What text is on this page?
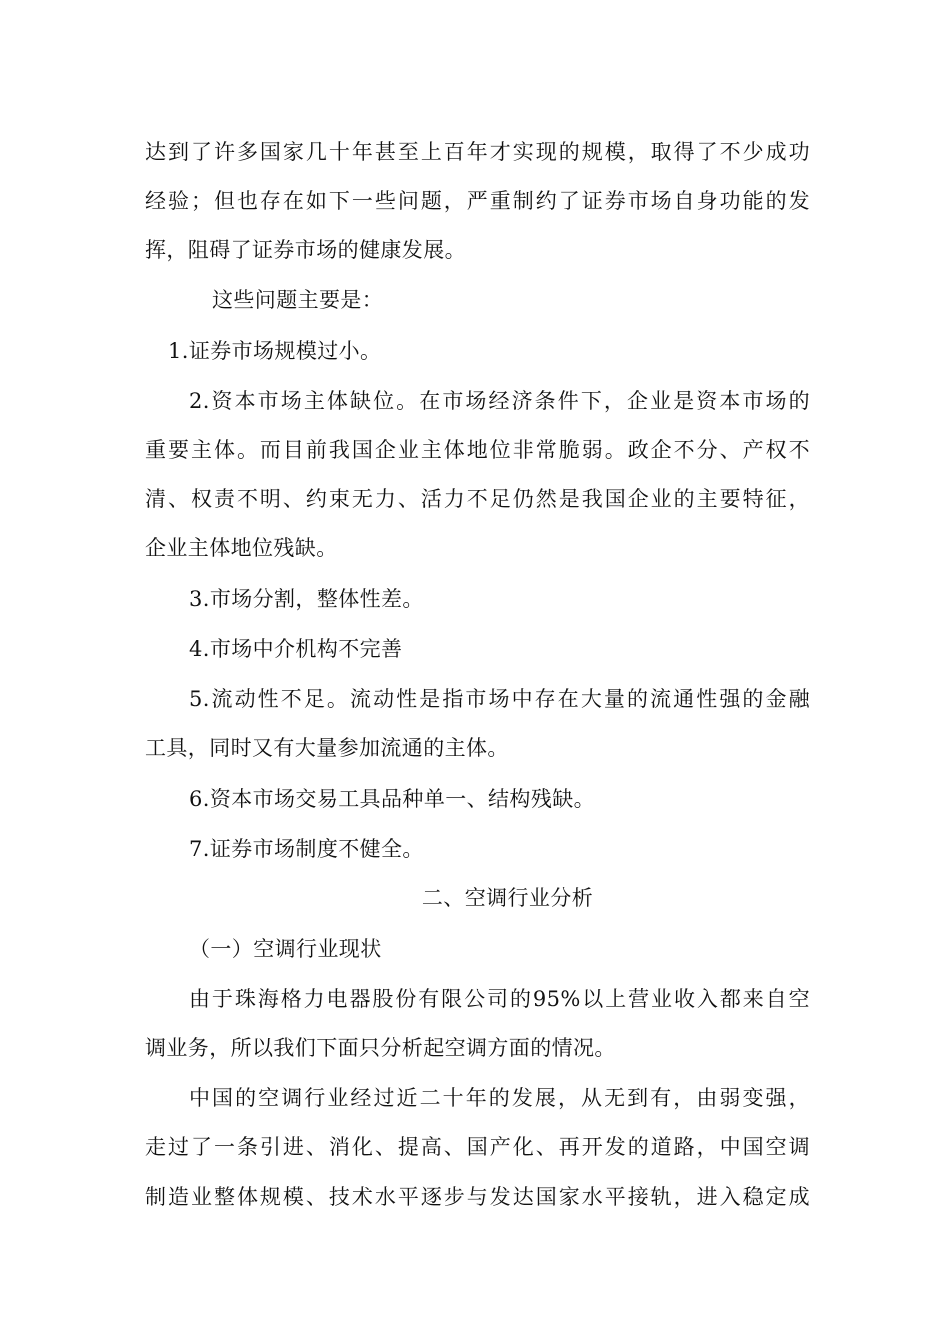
达到了许多国家几十年甚至上百年才实现的规模，取得了不少成功
经验；但也存在如下一些问题，严重制约了证券市场自身功能的发
挥，阻碍了证券市场的健康发展。
这些问题主要是：
1.证券市场规模过小。
2.资本市场主体缺位。在市场经济条件下，企业是资本市场的
重要主体。而目前我国企业主体地位非常脆弱。政企不分、产权不
清、权责不明、约束无力、活力不足仍然是我国企业的主要特征，
企业主体地位残缺。
3.市场分割，整体性差。
4.市场中介机构不完善
5.流动性不足。流动性是指市场中存在大量的流通性强的金融
工具，同时又有大量参加流通的主体。
6.资本市场交易工具品种单一、结构残缺。
7.证券市场制度不健全。
二、空调行业分析
（一）空调行业现状
由于珠海格力电器股份有限公司的95%以上营业收入都来自空
调业务，所以我们下面只分析起空调方面的情况。
中国的空调行业经过近二十年的发展，从无到有，由弱变强，
走过了一条引进、消化、提高、国产化、再开发的道路，中国空调
制造业整体规模、技术水平逐步与发达国家水平接轨，进入稳定成
